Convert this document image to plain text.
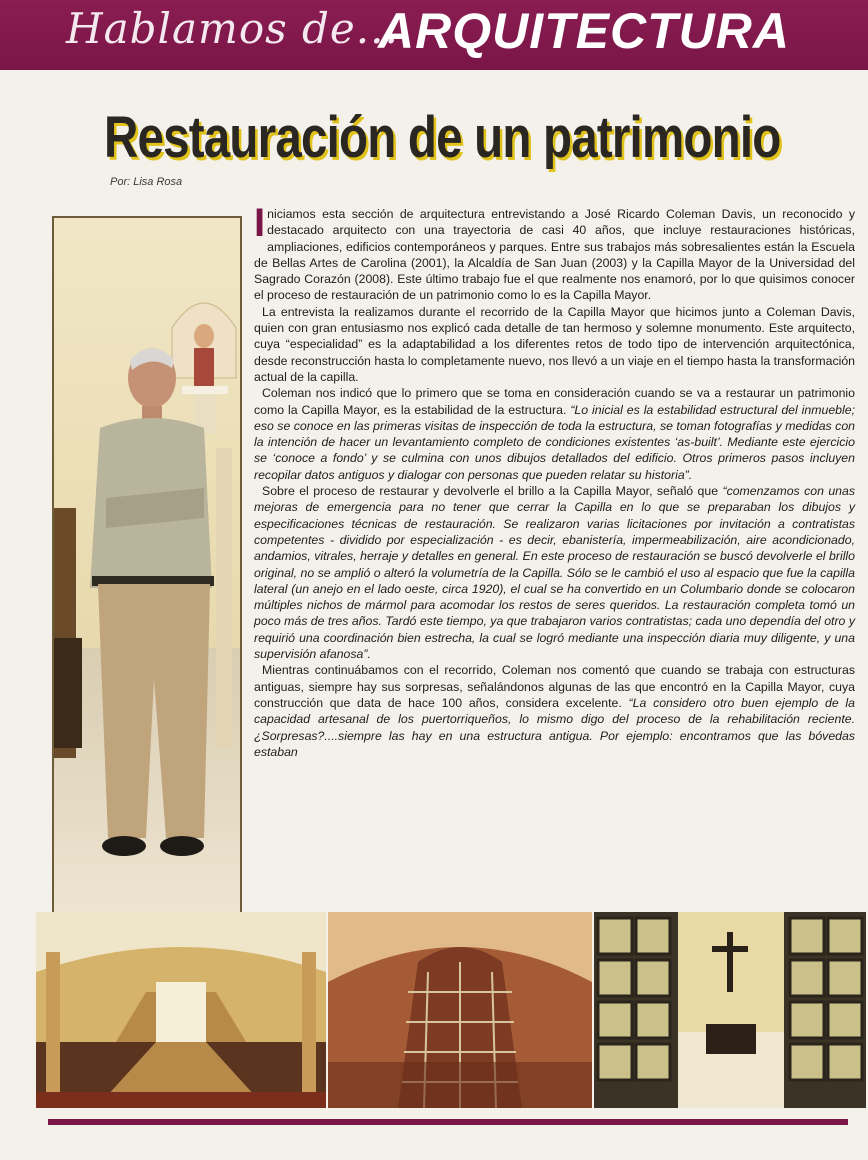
Hablamos de...
ARQUITECTURA
Restauración de un patrimonio
Por: Lisa Rosa

Iniciamos esta sección de arquitectura entrevistando a José Ricardo Coleman Davis, un reconocido y destacado arquitecto con una trayectoria de casi 40 años, que incluye restauraciones históricas, ampliaciones, edificios contemporáneos y parques. Entre sus trabajos más sobresalientes están la Escuela de Bellas Artes de Carolina (2001), la Alcaldía de San Juan (2003) y la Capilla Mayor de la Universidad del Sagrado Corazón (2008). Este último trabajo fue el que realmente nos enamoró, por lo que quisimos conocer el proceso de restauración de un patrimonio como lo es la Capilla Mayor.

La entrevista la realizamos durante el recorrido de la Capilla Mayor que hicimos junto a Coleman Davis, quien con gran entusiasmo nos explicó cada detalle de tan hermoso y solemne monumento. Este arquitecto, cuya “especialidad” es la adaptabilidad a los diferentes retos de todo tipo de intervención arquitectónica, desde reconstrucción hasta lo completamente nuevo, nos llevó a un viaje en el tiempo hasta la transformación actual de la capilla.

Coleman nos indicó que lo primero que se toma en consideración cuando se va a restaurar un patrimonio como la Capilla Mayor, es la estabilidad de la estructura. “Lo inicial es la estabilidad estructural del inmueble; eso se conoce en las primeras visitas de inspección de toda la estructura, se toman fotografías y medidas con la intención de hacer un levantamiento completo de condiciones existentes ‘as-built’. Mediante este ejercicio se ‘conoce a fondo’ y se culmina con unos dibujos detallados del edificio. Otros primeros pasos incluyen recopilar datos antiguos y dialogar con personas que pueden relatar su historia”.

Sobre el proceso de restaurar y devolverle el brillo a la Capilla Mayor, señaló que “comenzamos con unas mejoras de emergencia para no tener que cerrar la Capilla en lo que se preparaban los dibujos y especificaciones técnicas de restauración. Se realizaron varias licitaciones por invitación a contratistas competentes - dividido por especialización - es decir, ebanistería, impermeabilización, aire acondicionado, andamios, vitrales, herraje y detalles en general. En este proceso de restauración se buscó devolverle el brillo original, no se amplió o alteró la volumetría de la Capilla. Sólo se le cambió el uso al espacio que fue la capilla lateral (un anejo en el lado oeste, circa 1920), el cual se ha convertido en un Columbario donde se colocaron múltiples nichos de mármol para acomodar los restos de seres queridos. La restauración completa tomó un poco más de tres años. Tardó este tiempo, ya que trabajaron varios contratistas; cada uno dependía del otro y requirió una coordinación bien estrecha, la cual se logró mediante una inspección diaria muy diligente, y una supervisión afanosa”.

Mientras continuábamos con el recorrido, Coleman nos comentó que cuando se trabaja con estructuras antiguas, siempre hay sus sorpresas, señalándonos algunas de las que encontró en la Capilla Mayor, cuya construcción que data de hace 100 años, considera excelente. “La considero otro buen ejemplo de la capacidad artesanal de los puertorriqueños, lo mismo digo del proceso de la rehabilitación reciente. ¿Sorpresas?....siempre las hay en una estructura antigua. Por ejemplo: encontramos que las bóvedas estaban
